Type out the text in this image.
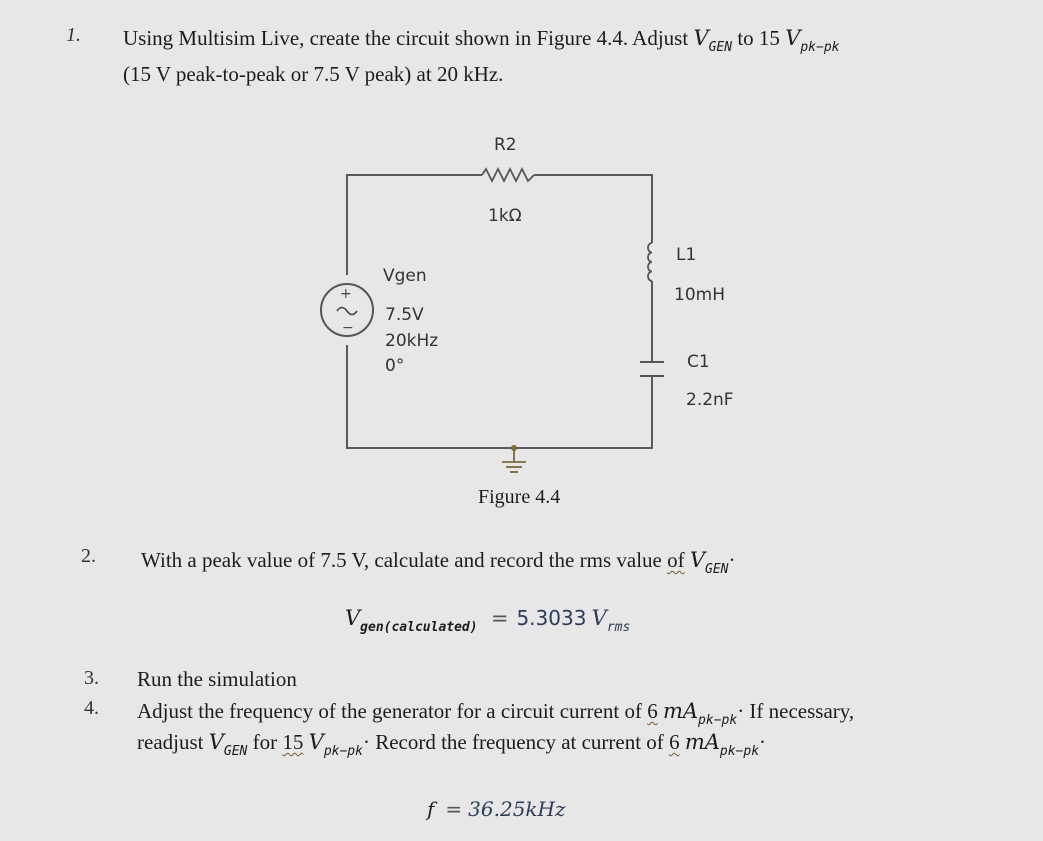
1. Using Multisim Live, create the circuit shown in Figure 4.4. Adjust $V_{GEN}$ to 15 $V_{pk-pk}$
(15 V peak-to-peak or 7.5 V peak) at 20 kHz.
+
−
R2
1kΩ
L1
10mH
C1
2.2nF
Vgen
7.5V
20kHz
0°
Figure 4.4
2. With a peak value of 7.5 V, calculate and record the rms value of $V_{GEN}\cdot$
$V_{gen(calculated)} = 5.3033$ $V_{rms}$
3. Run the simulation
4. Adjust the frequency of the generator for a circuit current of 6 $mA_{pk-pk}\cdot If$ necessary,
readjust $V_{GEN}$ for 15 $V_{pk-pk}\cdot$ Record the frequency at current of 6 $mA_{pk-pk}\cdot$
f = 36.25kHz
